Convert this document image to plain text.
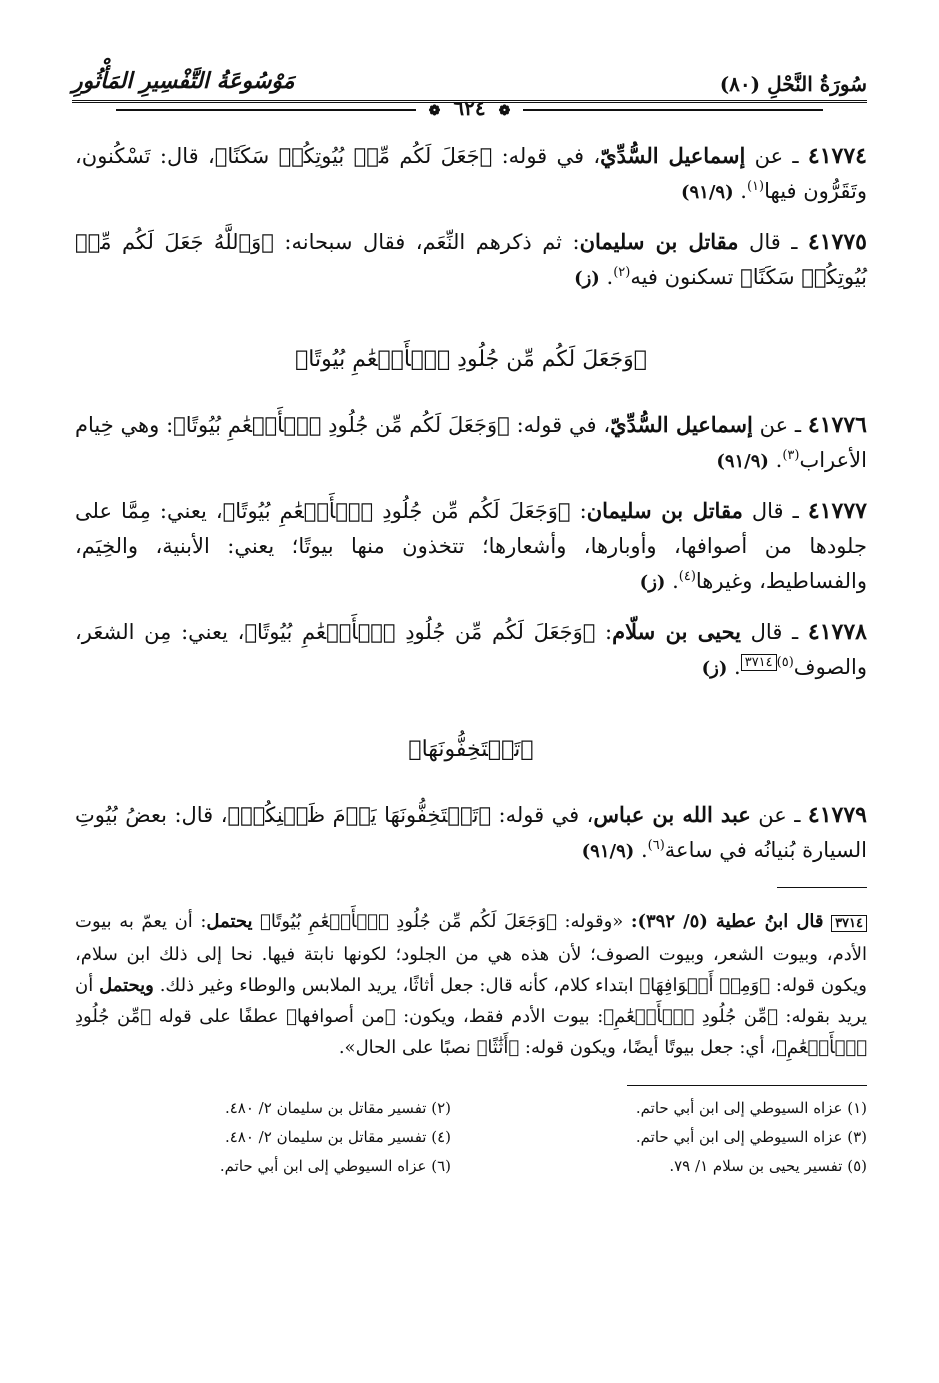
سُورَةُ النَّحْلِ (٨٠)
مَوْسُوعَةُ التَّفْسِيرِ المَأْثُورِ
❁ ٦٢٤ ❁

٤١٧٧٤ ـ عن إسماعيل السُّدِّيّ، في قوله: ﴿جَعَلَ لَكُم مِّنۢ بُيُوتِكُمۡ سَكَنًا﴾، قال: تَسْكُنون، وتَقَرُّون فيها$^{(١)}$. (٩١/٩)

٤١٧٧٥ ـ قال مقاتل بن سليمان: ثم ذكرهم النِّعَم، فقال سبحانه: ﴿وَٱللَّهُ جَعَلَ لَكُم مِّنۢ بُيُوتِكُمۡ سَكَنًا﴾ تسكنون فيه$^{(٢)}$. (ز)

﴿وَجَعَلَ لَكُم مِّن جُلُودِ ٱلۡأَنۡعَٰمِ بُيُوتًا﴾

٤١٧٧٦ ـ عن إسماعيل السُّدِّيّ، في قوله: ﴿وَجَعَلَ لَكُم مِّن جُلُودِ ٱلۡأَنۡعَٰمِ بُيُوتًا﴾: وهي خِيام الأعراب$^{(٣)}$. (٩١/٩)

٤١٧٧٧ ـ قال مقاتل بن سليمان: ﴿وَجَعَلَ لَكُم مِّن جُلُودِ ٱلۡأَنۡعَٰمِ بُيُوتًا﴾، يعني: مِمَّا على جلودها من أصوافها، وأوبارها، وأشعارها؛ تتخذون منها بيوتًا؛ يعني: الأبنية، والخِيَم، والفساطيط، وغيرها$^{(٤)}$. (ز)

٤١٧٧٨ ـ قال يحيى بن سلّام: ﴿وَجَعَلَ لَكُم مِّن جُلُودِ ٱلۡأَنۡعَٰمِ بُيُوتًا﴾، يعني: مِن الشعَر، والصوف$^{(٥)٣٧١٤}$. (ز)

﴿تَسۡتَخِفُّونَهَا﴾

٤١٧٧٩ ـ عن عبد الله بن عباس، في قوله: ﴿تَسۡتَخِفُّونَهَا يَوۡمَ ظَعۡنِكُمۡ﴾، قال: بعضُ بُيُوتِ السيارة بُنيانُه في ساعة$^{(٦)}$. (٩١/٩)

٣٧١٤ قال ابنُ عطية (٥/ ٣٩٢): «وقوله: ﴿وَجَعَلَ لَكُم مِّن جُلُودِ ٱلۡأَنۡعَٰمِ بُيُوتًا﴾ يحتمل: أن يعمّ به بيوت الأدم، وبيوت الشعر، وبيوت الصوف؛ لأن هذه هي من الجلود؛ لكونها نابتة فيها. نحا إلى ذلك ابن سلام، ويكون قوله: ﴿وَمِنۡ أَصۡوَافِهَا﴾ ابتداء كلام، كأنه قال: جعل أثاثًا، يريد الملابس والوطاء وغير ذلك. ويحتمل أن يريد بقوله: ﴿مِّن جُلُودِ ٱلۡأَنۡعَٰمِ﴾: بيوت الأدم فقط، ويكون: ﴿من أصوافها﴾ عطفًا على قوله ﴿مِّن جُلُودِ ٱلۡأَنۡعَٰمِ﴾، أي: جعل بيوتًا أيضًا، ويكون قوله: ﴿أَثَٰثًا﴾ نصبًا على الحال».

(١) عزاه السيوطي إلى ابن أبي حاتم.
(٢) تفسير مقاتل بن سليمان ٢/ ٤٨٠.
(٣) عزاه السيوطي إلى ابن أبي حاتم.
(٤) تفسير مقاتل بن سليمان ٢/ ٤٨٠.
(٥) تفسير يحيى بن سلام ١/ ٧٩.
(٦) عزاه السيوطي إلى ابن أبي حاتم.
